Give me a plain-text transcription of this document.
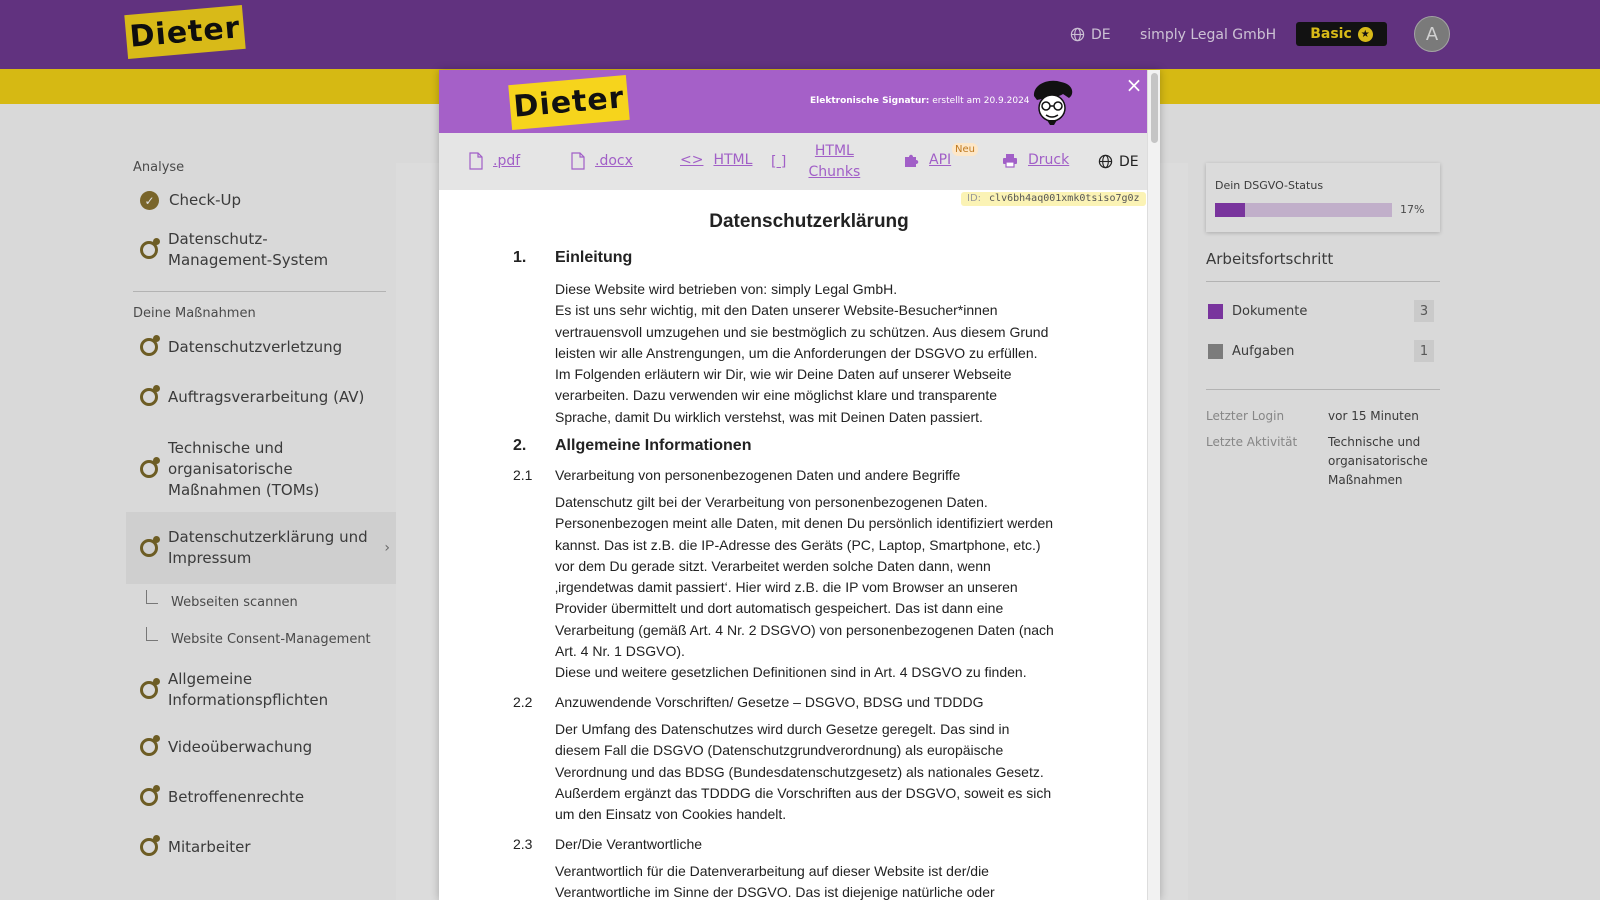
Dieter	DE simply Legal GmbH Basic ★	A
Analyse
✓ Check-Up
Datenschutz-Management-System
Deine Maßnahmen
Datenschutzverletzung
Auftragsverarbeitung (AV)
Technische und organisatorische Maßnahmen (TOMs)
Datenschutzerklärung und Impressum
›
Webseiten scannen
Website Consent-Management
Allgemeine Informationspflichten
Videoüberwachung
Betroffenenrechte
Mitarbeiter
Dein DSGVO-Status
17%
Arbeitsfortschritt
Dokumente	3
Aufgaben	1
Letzter Login	vor 15 Minuten
Letzte Aktivität	Technische und organisatorische Maßnahmen
Dieter	Elektronische Signatur: erstellt am 20.9.2024
×
.pdf	.docx	<> HTML [ ]
HTML Chunks
API	Druck	DE
ID: clv6bh4aq001xmk0tsiso7g0z
Datenschutzerklärung
1. Einleitung
Diese Website wird betrieben von: simply Legal GmbH.
Es ist uns sehr wichtig, mit den Daten unserer Website-Besucher*innen
vertrauensvoll umzugehen und sie bestmöglich zu schützen. Aus diesem Grund
leisten wir alle Anstrengungen, um die Anforderungen der DSGVO zu erfüllen.
Im Folgenden erläutern wir Dir, wie wir Deine Daten auf unserer Webseite
verarbeiten. Dazu verwenden wir eine möglichst klare und transparente
Sprache, damit Du wirklich verstehst, was mit Deinen Daten passiert.
2. Allgemeine Informationen
2.1 Verarbeitung von personenbezogenen Daten und andere Begriffe
Datenschutz gilt bei der Verarbeitung von personenbezogenen Daten.
Personenbezogen meint alle Daten, mit denen Du persönlich identifiziert werden
kannst. Das ist z.B. die IP-Adresse des Geräts (PC, Laptop, Smartphone, etc.)
vor dem Du gerade sitzt. Verarbeitet werden solche Daten dann, wenn
‚irgendetwas damit passiert‘. Hier wird z.B. die IP vom Browser an unseren
Provider übermittelt und dort automatisch gespeichert. Das ist dann eine
Verarbeitung (gemäß Art. 4 Nr. 2 DSGVO) von personenbezogenen Daten (nach
Art. 4 Nr. 1 DSGVO).
Diese und weitere gesetzlichen Definitionen sind in Art. 4 DSGVO zu finden.
2.2 Anzuwendende Vorschriften/ Gesetze – DSGVO, BDSG und TDDDG
Der Umfang des Datenschutzes wird durch Gesetze geregelt. Das sind in
diesem Fall die DSGVO (Datenschutzgrundverordnung) als europäische
Verordnung und das BDSG (Bundesdatenschutzgesetz) als nationales Gesetz.
Außerdem ergänzt das TDDDG die Vorschriften aus der DSGVO, soweit es sich
um den Einsatz von Cookies handelt.
2.3 Der/Die Verantwortliche
Verantwortlich für die Datenverarbeitung auf dieser Website ist der/die
Verantwortliche im Sinne der DSGVO. Das ist diejenige natürliche oder
Neu
